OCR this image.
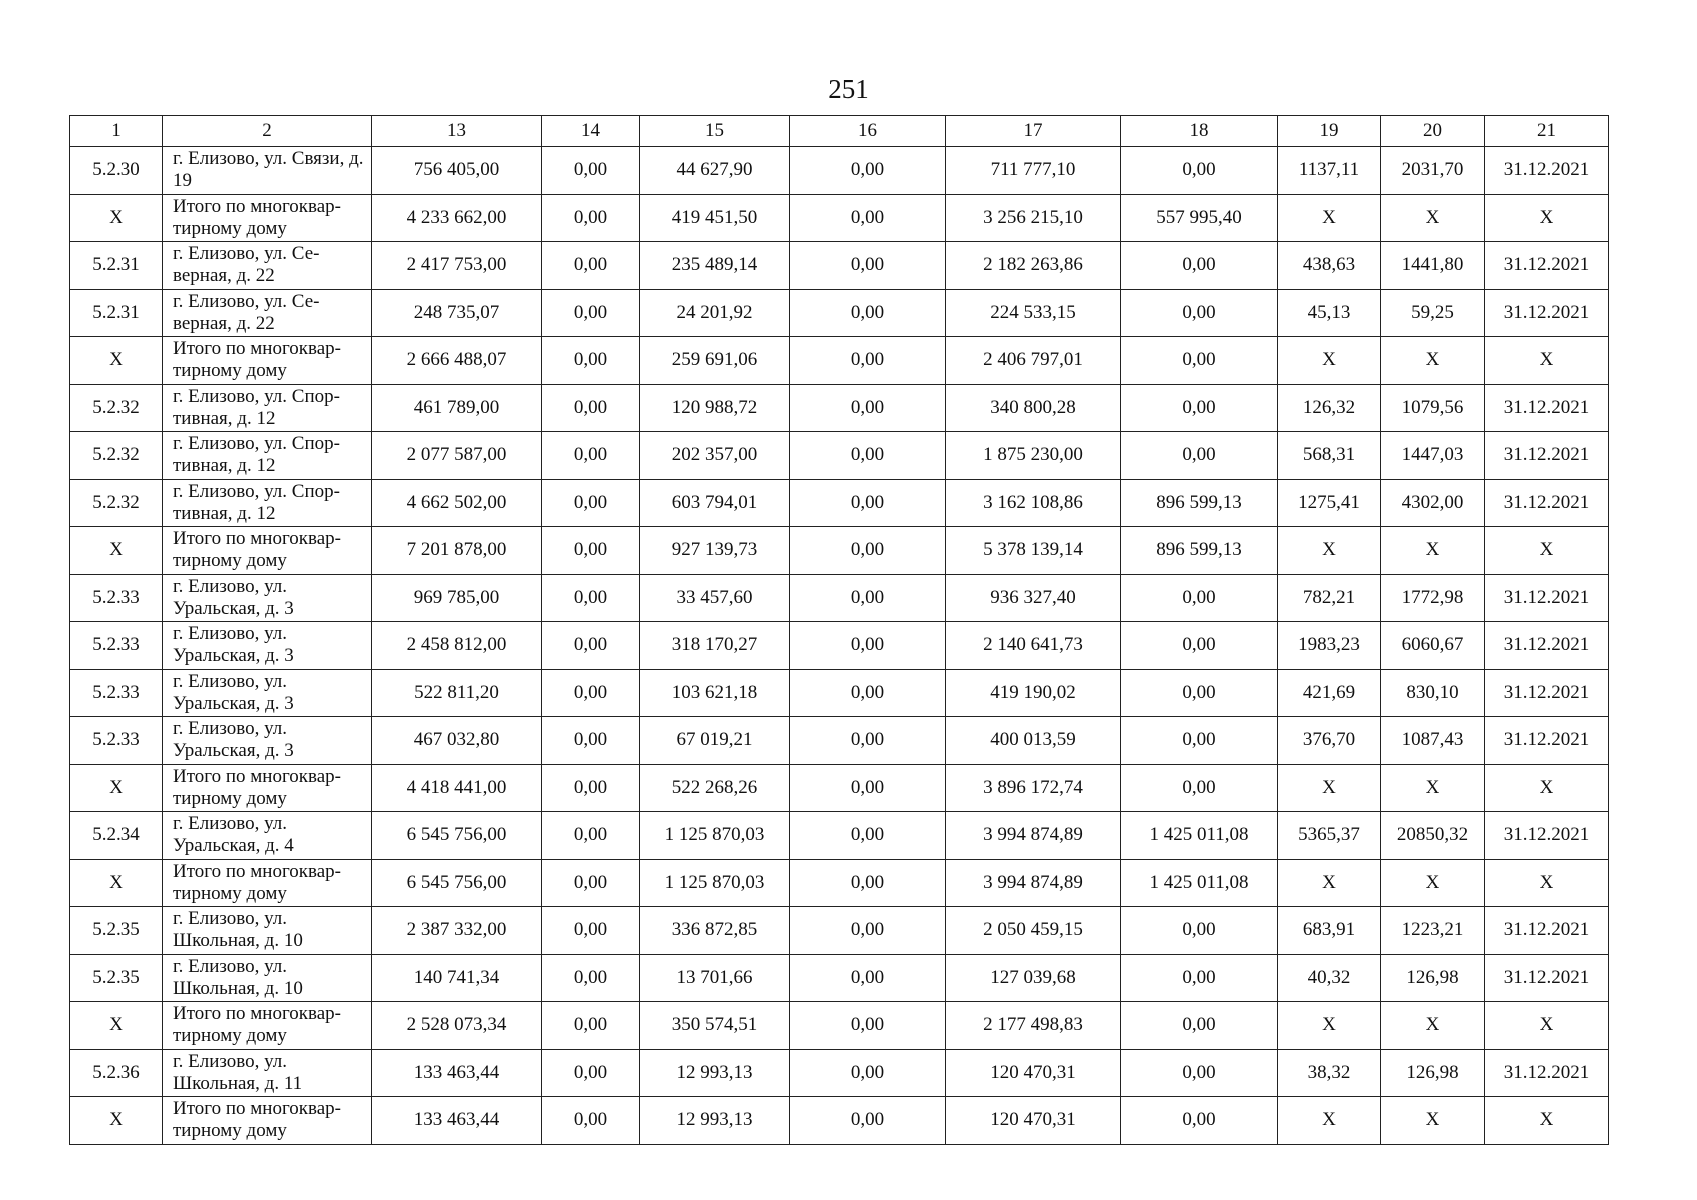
251
1	2	13	14	15	16	17	18	19	20	21
5.2.30	г. Елизово, ул. Связи, д. 19	756 405,00	0,00	44 627,90	0,00	711 777,10	0,00	1137,11	2031,70	31.12.2021
Х	Итого по многоквар-тирному дому	4 233 662,00	0,00	419 451,50	0,00	3 256 215,10	557 995,40	Х	Х	Х
5.2.31	г. Елизово, ул. Се-верная, д. 22	2 417 753,00	0,00	235 489,14	0,00	2 182 263,86	0,00	438,63	1441,80	31.12.2021
5.2.31	г. Елизово, ул. Се-верная, д. 22	248 735,07	0,00	24 201,92	0,00	224 533,15	0,00	45,13	59,25	31.12.2021
Х	Итого по многоквар-тирному дому	2 666 488,07	0,00	259 691,06	0,00	2 406 797,01	0,00	Х	Х	Х
5.2.32	г. Елизово, ул. Спор-тивная, д. 12	461 789,00	0,00	120 988,72	0,00	340 800,28	0,00	126,32	1079,56	31.12.2021
5.2.32	г. Елизово, ул. Спор-тивная, д. 12	2 077 587,00	0,00	202 357,00	0,00	1 875 230,00	0,00	568,31	1447,03	31.12.2021
5.2.32	г. Елизово, ул. Спор-тивная, д. 12	4 662 502,00	0,00	603 794,01	0,00	3 162 108,86	896 599,13	1275,41	4302,00	31.12.2021
Х	Итого по многоквар-тирному дому	7 201 878,00	0,00	927 139,73	0,00	5 378 139,14	896 599,13	Х	Х	Х
5.2.33	г. Елизово, ул. Уральская, д. 3	969 785,00	0,00	33 457,60	0,00	936 327,40	0,00	782,21	1772,98	31.12.2021
5.2.33	г. Елизово, ул. Уральская, д. 3	2 458 812,00	0,00	318 170,27	0,00	2 140 641,73	0,00	1983,23	6060,67	31.12.2021
5.2.33	г. Елизово, ул. Уральская, д. 3	522 811,20	0,00	103 621,18	0,00	419 190,02	0,00	421,69	830,10	31.12.2021
5.2.33	г. Елизово, ул. Уральская, д. 3	467 032,80	0,00	67 019,21	0,00	400 013,59	0,00	376,70	1087,43	31.12.2021
Х	Итого по многоквар-тирному дому	4 418 441,00	0,00	522 268,26	0,00	3 896 172,74	0,00	Х	Х	Х
5.2.34	г. Елизово, ул. Уральская, д. 4	6 545 756,00	0,00	1 125 870,03	0,00	3 994 874,89	1 425 011,08	5365,37	20850,32	31.12.2021
Х	Итого по многоквар-тирному дому	6 545 756,00	0,00	1 125 870,03	0,00	3 994 874,89	1 425 011,08	Х	Х	Х
5.2.35	г. Елизово, ул. Школьная, д. 10	2 387 332,00	0,00	336 872,85	0,00	2 050 459,15	0,00	683,91	1223,21	31.12.2021
5.2.35	г. Елизово, ул. Школьная, д. 10	140 741,34	0,00	13 701,66	0,00	127 039,68	0,00	40,32	126,98	31.12.2021
Х	Итого по многоквар-тирному дому	2 528 073,34	0,00	350 574,51	0,00	2 177 498,83	0,00	Х	Х	Х
5.2.36	г. Елизово, ул. Школьная, д. 11	133 463,44	0,00	12 993,13	0,00	120 470,31	0,00	38,32	126,98	31.12.2021
Х	Итого по многоквар-тирному дому	133 463,44	0,00	12 993,13	0,00	120 470,31	0,00	Х	Х	Х
